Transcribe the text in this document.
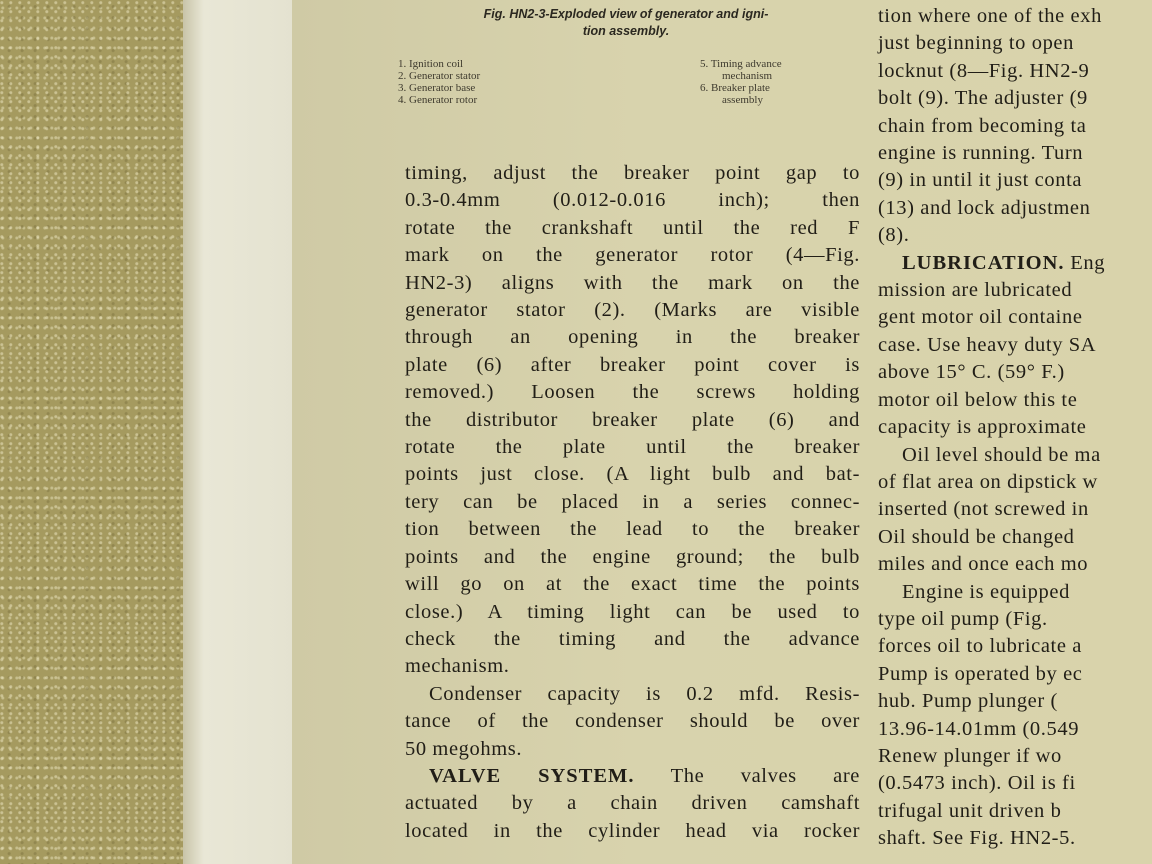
Fig. HN2-3-Exploded view of generator and igni-
tion assembly.
1. Ignition coil
2. Generator stator
3. Generator base
4. Generator rotor
5. Timing advance
mechanism
6. Breaker plate
assembly
timing, adjust the breaker point gap to
0.3-0.4mm (0.012-0.016 inch); then
rotate the crankshaft until the red F
mark on the generator rotor (4—Fig.
HN2-3) aligns with the mark on the
generator stator (2). (Marks are visible
through an opening in the breaker
plate (6) after breaker point cover is
removed.) Loosen the screws holding
the distributor breaker plate (6) and
rotate the plate until the breaker
points just close. (A light bulb and bat-
tery can be placed in a series connec-
tion between the lead to the breaker
points and the engine ground; the bulb
will go on at the exact time the points
close.) A timing light can be used to
check the timing and the advance
mechanism.
Condenser capacity is 0.2 mfd. Resis-
tance of the condenser should be over
50 megohms.
VALVE SYSTEM. The valves are
actuated by a chain driven camshaft
located in the cylinder head via rocker
tion where one of the exh
just beginning to open
locknut (8—Fig. HN2-9
bolt (9). The adjuster (9
chain from becoming ta
engine is running. Turn
(9) in until it just conta
(13) and lock adjustmen
(8).
LUBRICATION. Eng
mission are lubricated
gent motor oil containe
case. Use heavy duty SA
above 15° C. (59° F.)
motor oil below this te
capacity is approximate
Oil level should be ma
of flat area on dipstick w
inserted (not screwed in
Oil should be changed
miles and once each mo
Engine is equipped
type oil pump (Fig.
forces oil to lubricate a
Pump is operated by ec
hub. Pump plunger (
13.96-14.01mm (0.549
Renew plunger if wo
(0.5473 inch). Oil is fi
trifugal unit driven b
shaft. See Fig. HN2-5.
